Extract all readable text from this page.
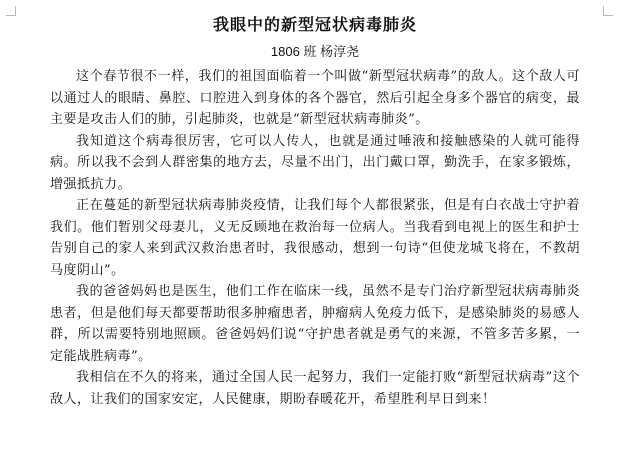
我眼中的新型冠状病毒肺炎
1806 班 杨淳尧

这个春节很不一样，我们的祖国面临着一个叫做“新型冠状病毒”的敌人。这个敌人可以通过人的眼睛、鼻腔、口腔进入到身体的各个器官，然后引起全身多个器官的病变，最主要是攻击人们的肺，引起肺炎，也就是“新型冠状病毒肺炎”。

我知道这个病毒很厉害，它可以人传人，也就是通过唾液和接触感染的人就可能得病。所以我不会到人群密集的地方去，尽量不出门，出门戴口罩，勤洗手，在家多锻炼，增强抵抗力。

正在蔓延的新型冠状病毒肺炎疫情，让我们每个人都很紧张，但是有白衣战士守护着我们。他们暂别父母妻儿，义无反顾地在救治每一位病人。当我看到电视上的医生和护士告别自己的家人来到武汉救治患者时，我很感动，想到一句诗“但使龙城飞将在，不教胡马度阴山”。

我的爸爸妈妈也是医生，他们工作在临床一线，虽然不是专门治疗新型冠状病毒肺炎患者，但是他们每天都要帮助很多肿瘤患者，肿瘤病人免疫力低下，是感染肺炎的易感人群，所以需要特别地照顾。爸爸妈妈们说“守护患者就是勇气的来源，不管多苦多累，一定能战胜病毒”。

我相信在不久的将来，通过全国人民一起努力，我们一定能打败“新型冠状病毒”这个敌人，让我们的国家安定，人民健康，期盼春暖花开，希望胜利早日到来！
